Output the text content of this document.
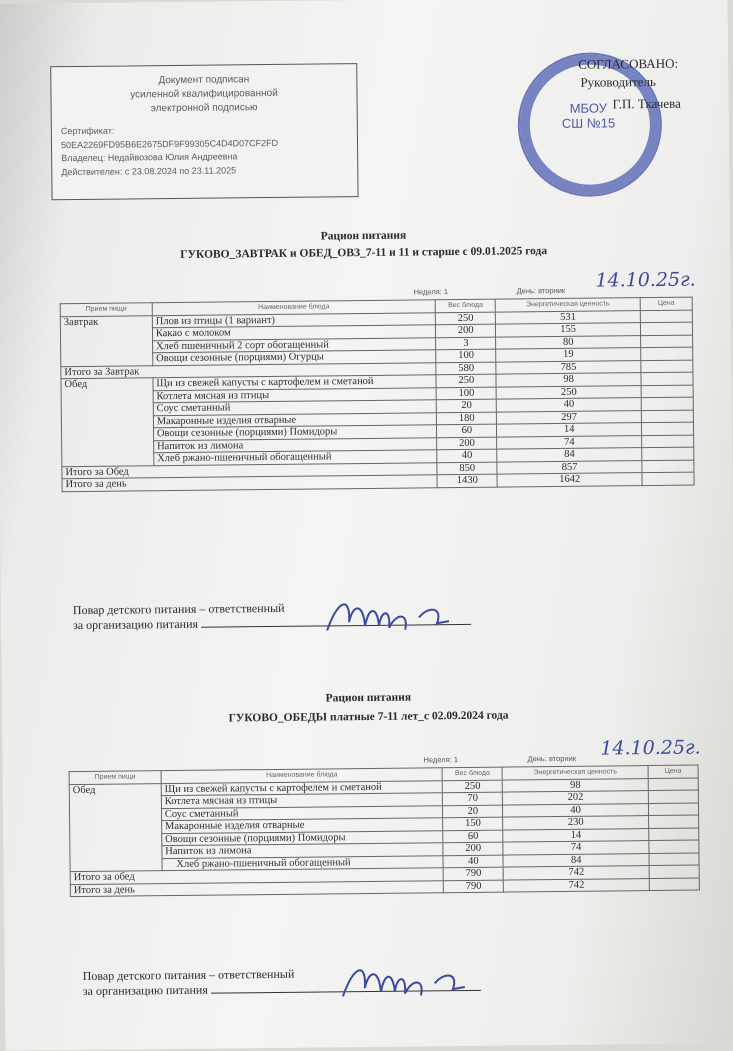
Документ подписан
усиленной квалифицированной
электронной подписью
Сертификат:
50EA2269FD95B6E2675DF9F99305C4D4D07CF2FD
Владелец: Недайвозова Юлия Андреевна
Действителен: с 23.08.2024 по 23.11.2025
МБОУ
СШ №15
СОГЛАСОВАНО:
Руководитель
Г.П. Ткачева
Рацион питания
ГУКОВО_ЗАВТРАК и ОБЕД_ОВЗ_7-11 и 11 и старше с 09.01.2025 года
Неделя: 1	День: вторник 14.10.25г.
Прием пищи	Наименование блюда	Вес блюда	Энергетическая ценность	Цена
Завтрак	Плов из птицы (1 вариант)	250	531	
	Какао с молоком	200	155	
	Хлеб пшеничный 2 сорт обогащенный	3	80	
	Овощи сезонные (порциями) Огурцы	100	19	
Итого за Завтрак		580	785	
Обед	Щи из свежей капусты с картофелем и сметаной	250	98	
	Котлета мясная из птицы	100	250	
	Соус сметанный	20	40	
	Макаронные изделия отварные	180	297	
	Овощи сезонные (порциями) Помидоры	60	14	
	Напиток из лимона	200	74	
	Хлеб ржано-пшеничный обогащенный	40	84	
Итого за Обед		850	857	
Итого за день		1430	1642	
Повар детского питания – ответственный
за организацию питания
Рацион питания
ГУКОВО_ОБЕДЫ платные 7-11 лет_с 02.09.2024 года
Неделя: 1	День: вторник 14.10.25г.
Прием пищи	Наименование блюда	Вес блюда	Энергетическая ценность	Цена
Обед	Щи из свежей капусты с картофелем и сметаной	250	98	
	Котлета мясная из птицы	70	202	
	Соус сметанный	20	40	
	Макаронные изделия отварные	150	230	
	Овощи сезонные (порциями) Помидоры	60	14	
	Напиток из лимона	200	74	
	Хлеб ржано-пшеничный обогащенный	40	84	
Итого за обед		790	742	
Итого за день		790	742	
Повар детского питания – ответственный
за организацию питания
